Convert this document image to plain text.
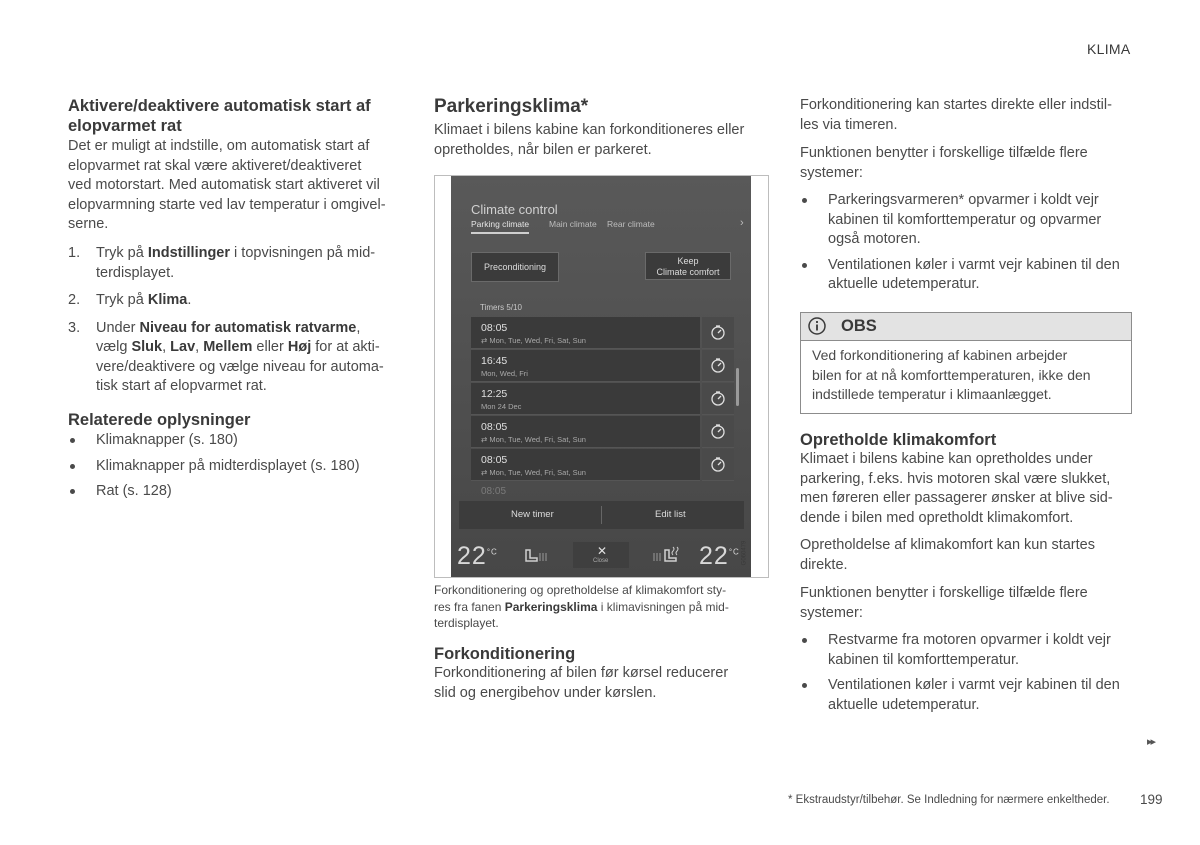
KLIMA
Aktivere/deaktivere automatisk start af elopvarmet rat
Det er muligt at indstille, om automatisk start af
elopvarmet rat skal være aktiveret/deaktiveret
ved motorstart. Med automatisk start aktiveret vil
elopvarmning starte ved lav temperatur i omgivel-
serne.
1. Tryk på Indstillinger i topvisningen på mid-
terdisplayet.
2. Tryk på Klima.
3. Under Niveau for automatisk ratvarme,
vælg Sluk, Lav, Mellem eller Høj for at akti-
vere/deaktivere og vælge niveau for automa-
tisk start af elopvarmet rat.
Relaterede oplysninger
Klimaknapper (s. 180)
Klimaknapper på midterdisplayet (s. 180)
Rat (s. 128)
Parkeringsklima*
Klimaet i bilens kabine kan forkonditioneres eller
opretholdes, når bilen er parkeret.
Climate control
Parking climate Main climate Rear climate	›
Preconditioning
Keep
Climate comfort
Timers 5/10
08:05
⇄ Mon, Tue, Wed, Fri, Sat, Sun
16:45
Mon, Wed, Fri
12:25
Mon 24 Dec
08:05
⇄ Mon, Tue, Wed, Fri, Sat, Sun
08:05
⇄ Mon, Tue, Wed, Fri, Sat, Sun
08:05
New timer	Edit list
$22^{^\circ C}$	✕
Close	$22^{^\circ C}$ G060479
Forkonditionering og opretholdelse af klimakomfort sty-
res fra fanen Parkeringsklima i klimavisningen på mid-
terdisplayet.
Forkonditionering
Forkonditionering af bilen før kørsel reducerer
slid og energibehov under kørslen.
Forkonditionering kan startes direkte eller indstil-
les via timeren.
Funktionen benytter i forskellige tilfælde flere
systemer:
Parkeringsvarmeren* opvarmer i koldt vejr
kabinen til komforttemperatur og opvarmer
også motoren.
Ventilationen køler i varmt vejr kabinen til den
aktuelle udetemperatur.
OBS
Ved forkonditionering af kabinen arbejder
bilen for at nå komforttemperaturen, ikke den
indstillede temperatur i klimaanlægget.
Opretholde klimakomfort
Klimaet i bilens kabine kan opretholdes under
parkering, f.eks. hvis motoren skal være slukket,
men føreren eller passagerer ønsker at blive sid-
dende i bilen med opretholdt klimakomfort.
Opretholdelse af klimakomfort kan kun startes
direkte.
Funktionen benytter i forskellige tilfælde flere
systemer:
Restvarme fra motoren opvarmer i koldt vejr
kabinen til komforttemperatur.
Ventilationen køler i varmt vejr kabinen til den
aktuelle udetemperatur.
▸▸
* Ekstraudstyr/tilbehør. Se Indledning for nærmere enkeltheder. 199
